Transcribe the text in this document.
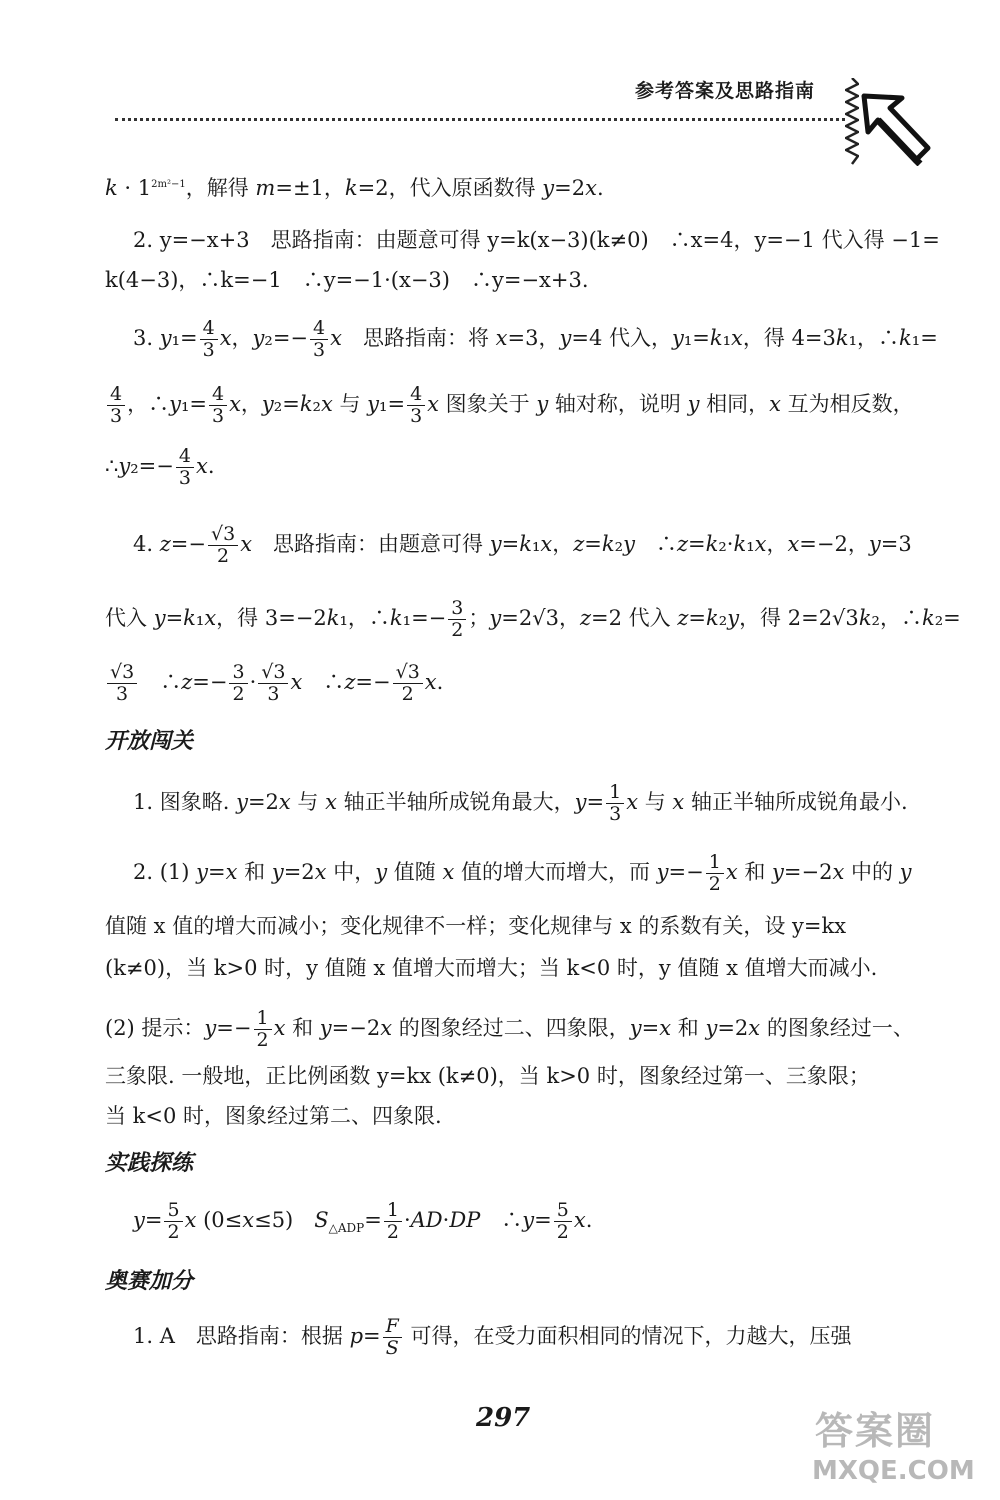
参考答案及思路指南
$k \cdot 1^{2m^2-1}$，解得 m=±1，k=2，代入原函数得 y=2x.
2. y=−x+3　思路指南：由题意可得 y=k(x−3)(k≠0)　∴x=4，y=−1 代入得 −1=
k(4−3)，∴k=−1　∴y=−1·(x−3)　∴y=−x+3.
3. $y_1= \frac{4}{3}$ x，$y_2=- \frac{4}{3}$ x　思路指南：将 x=3，y=4 代入，y₁=k₁x，得 4=3k₁，∴k₁=
$\frac{4}{3}$ ，∴y₁= $\frac{4}{3}$ x，y₂=k₂x 与 $y_1= \frac{4}{3}$ x 图象关于 y 轴对称，说明 y 相同，x 互为相反数，
∴y₂=− $\frac{4}{3} x$.
4. $z=- \frac{√3}{2}$ x　思路指南：由题意可得 y=k₁x，z=k₂y　∴z=k₂·k₁x，x=−2，y=3
代入 y=k₁x，得 3=−2k₁，∴k₁=− $\frac{3}{2}$ ；y=2√3，z=2 代入 z=k₂y，得 2=2√3k₂，∴k₂=
$\frac{√3}{3}$ 　∴z=− $\frac{3}{2} \cdot \frac{√3}{3}$ x　∴z=− $\frac{√3}{2} x$.
开放闯关
1. 图象略. y=2x 与 x 轴正半轴所成锐角最大，$y= \frac{1}{3}$ x 与 x 轴正半轴所成锐角最小.
2. (1) y=x 和 y=2x 中，y 值随 x 值的增大而增大，而 $y=- \frac{1}{2}$ x 和 y=−2x 中的 y
值随 x 值的增大而减小；变化规律不一样；变化规律与 x 的系数有关，设 y=kx
(k≠0)，当 k>0 时，y 值随 x 值增大而增大；当 k<0 时，y 值随 x 值增大而减小.
(2) 提示：$y=- \frac{1}{2}$ x 和 y=−2x 的图象经过二、四象限，y=x 和 y=2x 的图象经过一、
三象限. 一般地，正比例函数 y=kx (k≠0)，当 k>0 时，图象经过第一、三象限；
当 k<0 时，图象经过第二、四象限.
实践探练
$y= \frac{5}{2}$ x (0≤x≤5)　$S_{\triangle ADP}= \frac{1}{2} \cdot AD\cdot DP$　∴y= $\frac{5}{2} x$.
奥赛加分
1. A　思路指南：根据 $p= \frac{F}{S}$ 可得，在受力面积相同的情况下，力越大，压强
297	答案圈
MXQE.COM
